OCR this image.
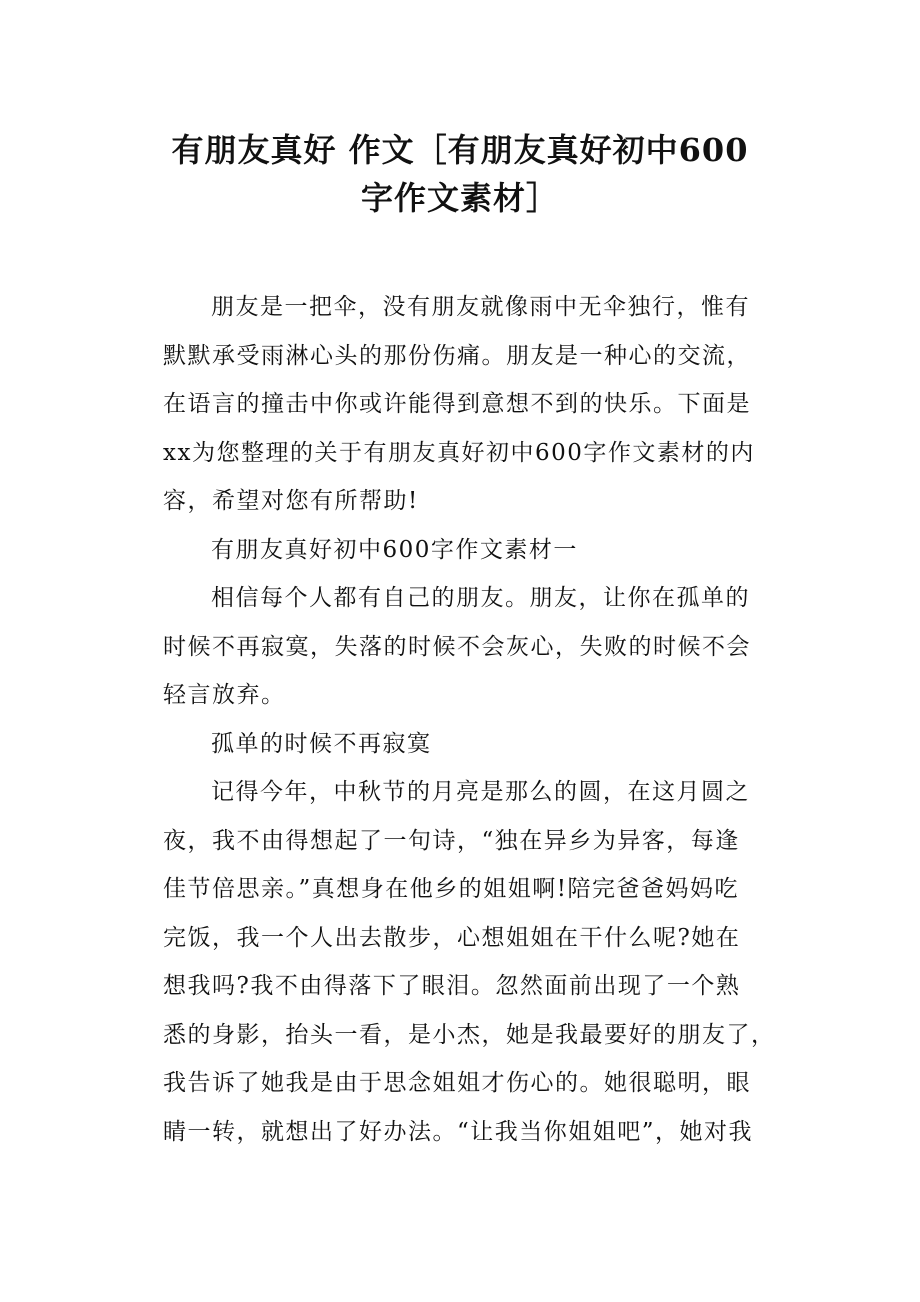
有朋友真好 作文［有朋友真好初中600
字作文素材］

朋友是一把伞，没有朋友就像雨中无伞独行，惟有
默默承受雨淋心头的那份伤痛。朋友是一种心的交流，
在语言的撞击中你或许能得到意想不到的快乐。下面是
xx为您整理的关于有朋友真好初中600字作文素材的内
容，希望对您有所帮助!

有朋友真好初中600字作文素材一

相信每个人都有自己的朋友。朋友，让你在孤单的
时候不再寂寞，失落的时候不会灰心，失败的时候不会
轻言放弃。

孤单的时候不再寂寞

记得今年，中秋节的月亮是那么的圆，在这月圆之
夜，我不由得想起了一句诗，“独在异乡为异客，每逢
佳节倍思亲。”真想身在他乡的姐姐啊!陪完爸爸妈妈吃
完饭，我一个人出去散步，心想姐姐在干什么呢?她在
想我吗?我不由得落下了眼泪。忽然面前出现了一个熟
悉的身影，抬头一看，是小杰，她是我最要好的朋友了，
我告诉了她我是由于思念姐姐才伤心的。她很聪明，眼
睛一转，就想出了好办法。“让我当你姐姐吧”，她对我
